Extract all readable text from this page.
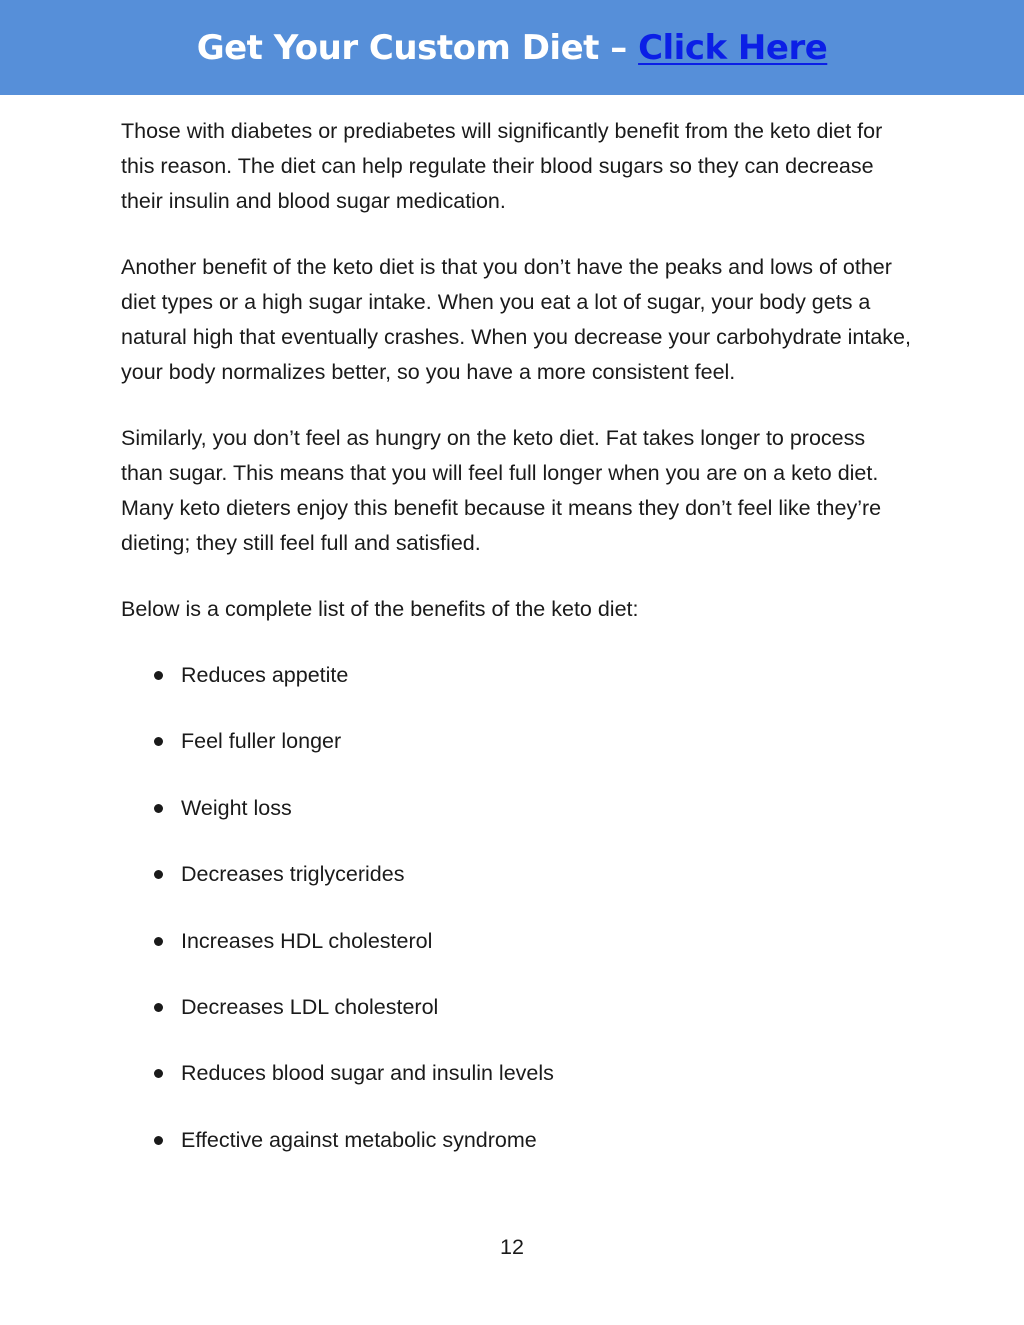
Get Your Custom Diet – Click Here

Those with diabetes or prediabetes will significantly benefit from the keto diet for this reason. The diet can help regulate their blood sugars so they can decrease their insulin and blood sugar medication.

Another benefit of the keto diet is that you don’t have the peaks and lows of other diet types or a high sugar intake. When you eat a lot of sugar, your body gets a natural high that eventually crashes. When you decrease your carbohydrate intake, your body normalizes better, so you have a more consistent feel.

Similarly, you don’t feel as hungry on the keto diet. Fat takes longer to process than sugar. This means that you will feel full longer when you are on a keto diet. Many keto dieters enjoy this benefit because it means they don’t feel like they’re dieting; they still feel full and satisfied.

Below is a complete list of the benefits of the keto diet:

Reduces appetite
Feel fuller longer
Weight loss
Decreases triglycerides
Increases HDL cholesterol
Decreases LDL cholesterol
Reduces blood sugar and insulin levels
Effective against metabolic syndrome
12
